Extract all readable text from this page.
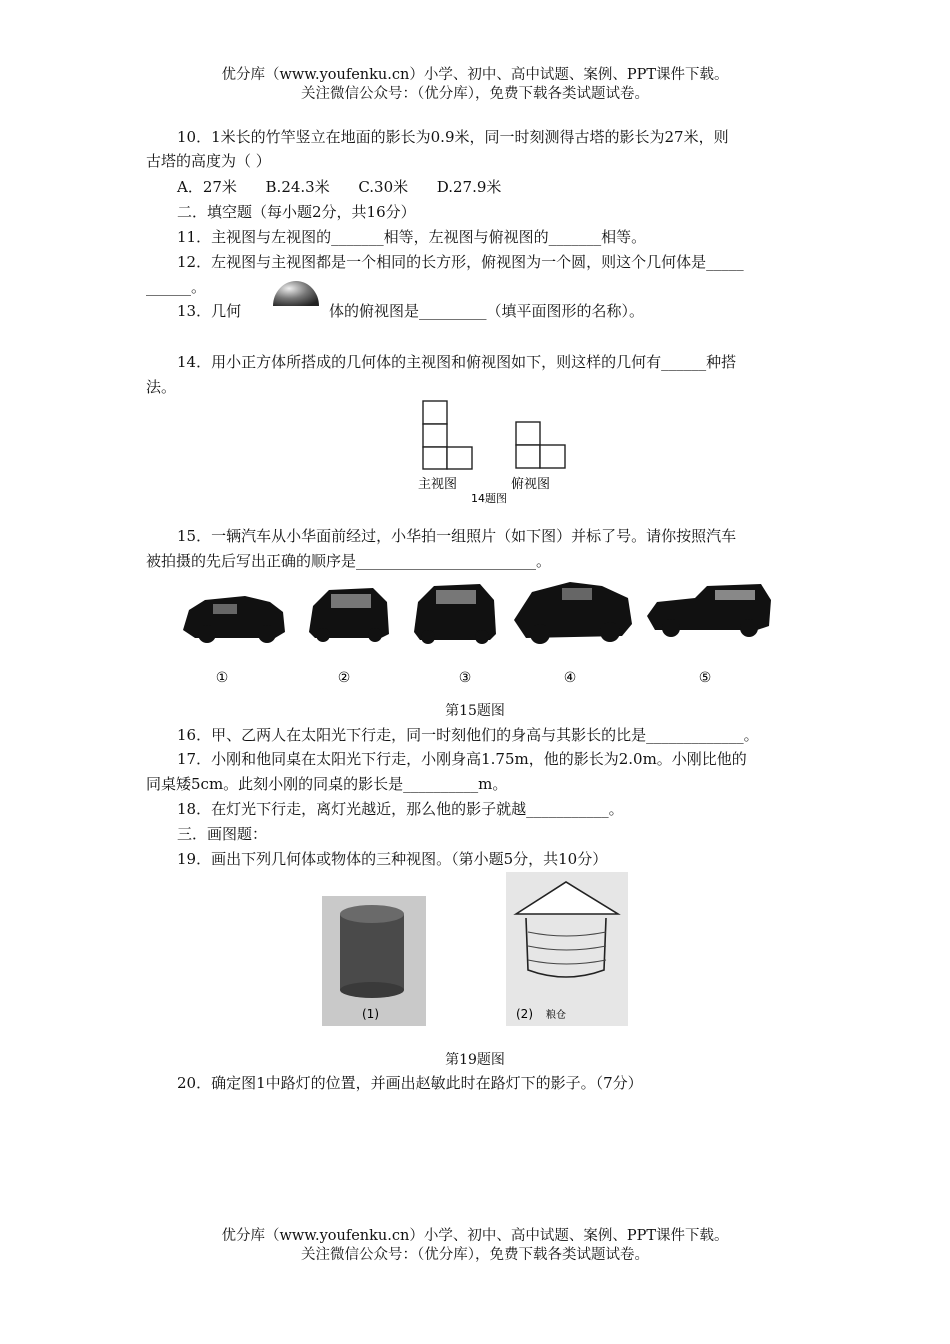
优分库（www.youfenku.cn）小学、初中、高中试题、案例、PPT课件下载。
关注微信公众号：（优分库），免费下载各类试题试卷。
10．1米长的竹竿竖立在地面的影长为0.9米，同一时刻测得古塔的影长为27米，则
古塔的高度为（ ）
A．27米      B.24.3米      C.30米      D.27.9米
二．填空题（每小题2分，共16分）
11．主视图与左视图的_______相等，左视图与俯视图的_______相等。
12．左视图与主视图都是一个相同的长方形，俯视图为一个圆，则这个几何体是_____
______。
13．几何	体的俯视图是_________（填平面图形的名称）。
14．用小正方体所搭成的几何体的主视图和俯视图如下，则这样的几何有______种搭
法。
主视图	俯视图
14题图
15．一辆汽车从小华面前经过，小华拍一组照片（如下图）并标了号。请你按照汽车
被拍摄的先后写出正确的顺序是________________________。
①	②	③	④	⑤
第15题图
16．甲、乙两人在太阳光下行走，同一时刻他们的身高与其影长的比是_____________。
17．小刚和他同桌在太阳光下行走，小刚身高1.75m，他的影长为2.0m。小刚比他的
同桌矮5cm。此刻小刚的同桌的影长是__________m。
18．在灯光下行走，离灯光越近，那么他的影子就越___________。
三．画图题：
19．画出下列几何体或物体的三种视图。（第小题5分，共10分）
(1)	(2) 粮仓
第19题图
20．确定图1中路灯的位置，并画出赵敏此时在路灯下的影子。（7分）
优分库（www.youfenku.cn）小学、初中、高中试题、案例、PPT课件下载。
关注微信公众号：（优分库），免费下载各类试题试卷。
